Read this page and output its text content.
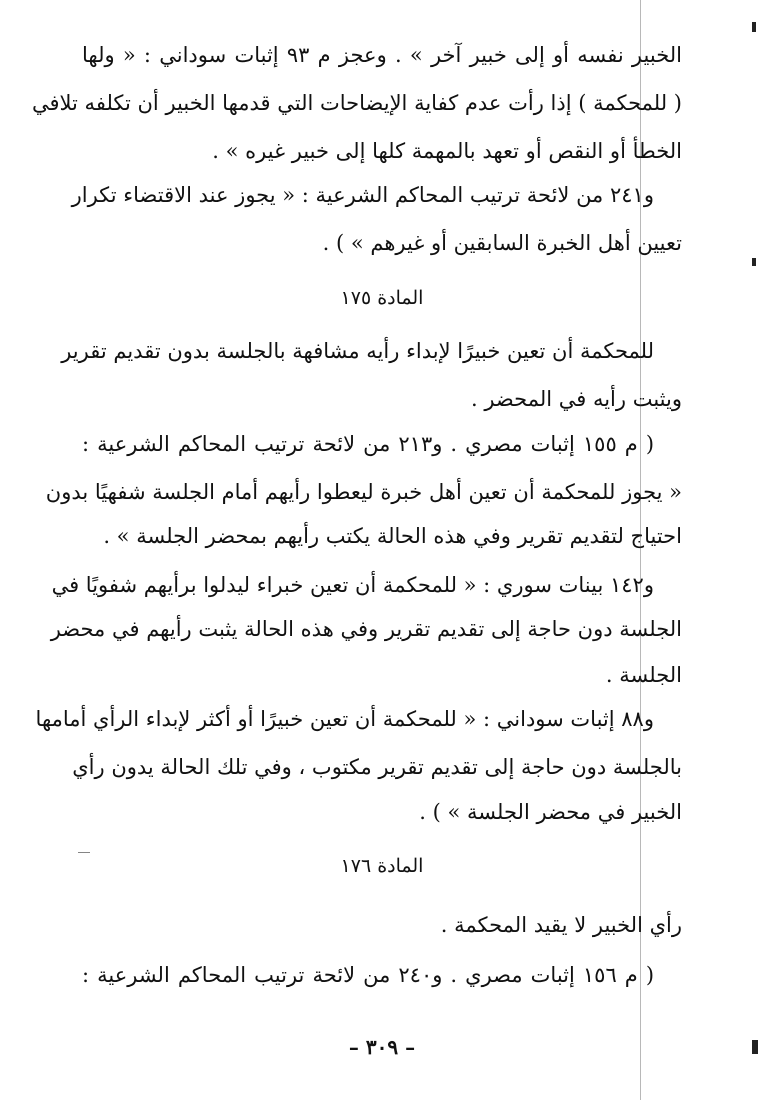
الخبير نفسه أو إلى خبير آخر » . وعجز م ٩٣ إثبات سوداني : « ولها
( للمحكمة ) إذا رأت عدم كفاية الإيضاحات التي قدمها الخبير أن تكلفه تلافي
الخطأ أو النقص أو تعهد بالمهمة كلها إلى خبير غيره » .
و٢٤١ من لائحة ترتيب المحاكم الشرعية : « يجوز عند الاقتضاء تكرار
تعيين أهل الخبرة السابقين أو غيرهم » ) .
المادة ١٧٥
للمحكمة أن تعين خبيرًا لإبداء رأيه مشافهة بالجلسة بدون تقديم تقرير
ويثبت رأيه في المحضر .
( م ١٥٥ إثبات مصري . و٢١٣ من لائحة ترتيب المحاكم الشرعية :
« يجوز للمحكمة أن تعين أهل خبرة ليعطوا رأيهم أمام الجلسة شفهيًا بدون
احتياج لتقديم تقرير وفي هذه الحالة يكتب رأيهم بمحضر الجلسة » .
و١٤٢ بينات سوري : « للمحكمة أن تعين خبراء ليدلوا برأيهم شفويًا في
الجلسة دون حاجة إلى تقديم تقرير وفي هذه الحالة يثبت رأيهم في محضر
الجلسة .
و٨٨ إثبات سوداني : « للمحكمة أن تعين خبيرًا أو أكثر لإبداء الرأي أمامها
بالجلسة دون حاجة إلى تقديم تقرير مكتوب ، وفي تلك الحالة يدون رأي
الخبير في محضر الجلسة » ) .
المادة ١٧٦
رأي الخبير لا يقيد المحكمة .
( م ١٥٦ إثبات مصري . و٢٤٠ من لائحة ترتيب المحاكم الشرعية :
– ٣٠٩ –
